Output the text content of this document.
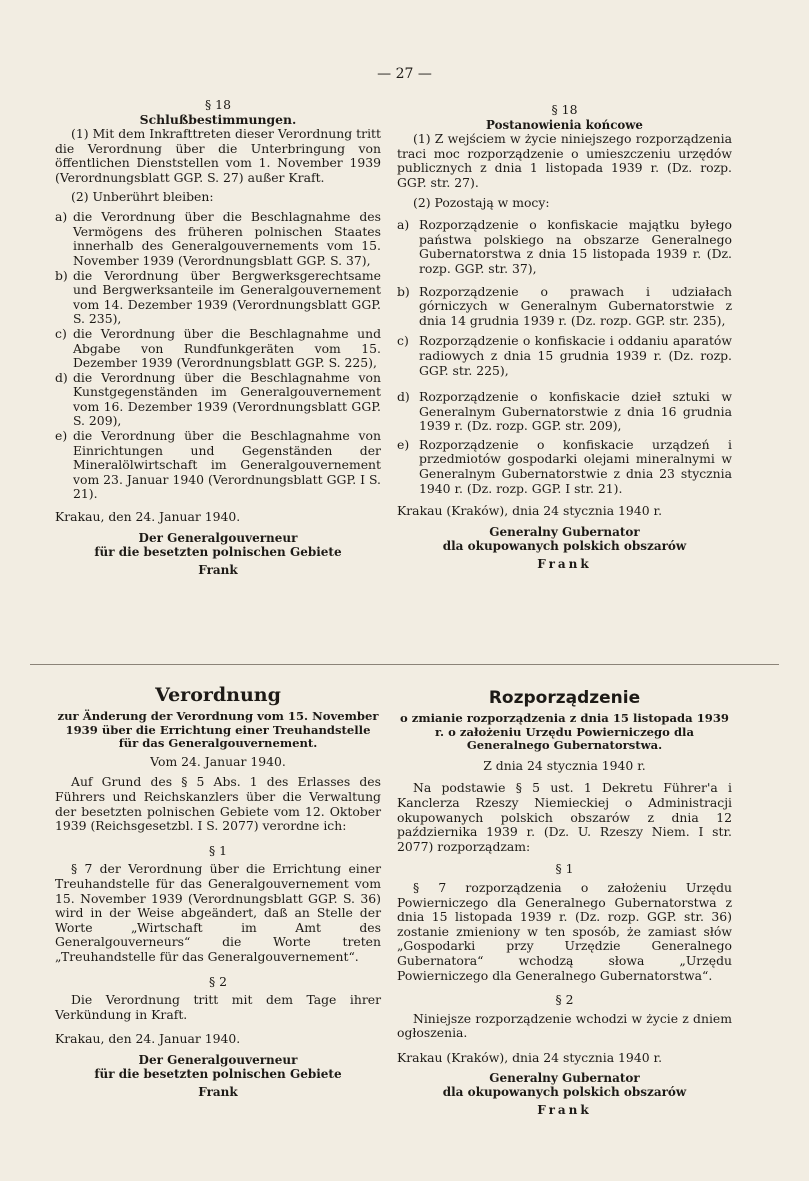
— 27 —

§ 18

Schlußbestimmungen.

(1) Mit dem Inkrafttreten dieser Verordnung tritt die Verordnung über die Unterbringung von öffentlichen Dienststellen vom 1. November 1939 (Verordnungsblatt GGP. S. 27) außer Kraft.

(2) Unberührt bleiben:

a) die Verordnung über die Beschlagnahme des Vermögens des früheren polnischen Staates innerhalb des Generalgouvernements vom 15. November 1939 (Verordnungsblatt GGP. S. 37),
b) die Verordnung über Bergwerksgerechtsame und Bergwerksanteile im Generalgouvernement vom 14. Dezember 1939 (Verordnungsblatt GGP. S. 235),
c) die Verordnung über die Beschlagnahme und Abgabe von Rundfunkgeräten vom 15. Dezember 1939 (Verordnungsblatt GGP. S. 225),
d) die Verordnung über die Beschlagnahme von Kunstgegenständen im Generalgouvernement vom 16. Dezember 1939 (Verordnungsblatt GGP. S. 209),
e) die Verordnung über die Beschlagnahme von Einrichtungen und Gegenständen der Mineralölwirtschaft im Generalgouvernement vom 23. Januar 1940 (Verordnungsblatt GGP. I S. 21).

Krakau, den 24. Januar 1940.

Der Generalgouverneur

für die besetzten polnischen Gebiete

Frank

§ 18

Postanowienia końcowe

(1) Z wejściem w życie niniejszego rozporządzenia traci moc rozporządzenie o umieszczeniu urzędów publicznych z dnia 1 listopada 1939 r. (Dz. rozp. GGP. str. 27).

(2) Pozostają w mocy:

a) Rozporządzenie o konfiskacie majątku byłego państwa polskiego na obszarze Generalnego Gubernatorstwa z dnia 15 listopada 1939 r. (Dz. rozp. GGP. str. 37),
b) Rozporządzenie o prawach i udziałach górniczych w Generalnym Gubernatorstwie z dnia 14 grudnia 1939 r. (Dz. rozp. GGP. str. 235),
c) Rozporządzenie o konfiskacie i oddaniu aparatów radiowych z dnia 15 grudnia 1939 r. (Dz. rozp. GGP. str. 225),
d) Rozporządzenie o konfiskacie dzieł sztuki w Generalnym Gubernatorstwie z dnia 16 grudnia 1939 r. (Dz. rozp. GGP. str. 209),
e) Rozporządzenie o konfiskacie urządzeń i przedmiotów gospodarki olejami mineralnymi w Generalnym Gubernatorstwie z dnia 23 stycznia 1940 r. (Dz. rozp. GGP. I str. 21).

Krakau (Kraków), dnia 24 stycznia 1940 r.

Generalny Gubernator

dla okupowanych polskich obszarów

Frank

Verordnung

zur Änderung der Verordnung vom 15. November 1939 über die Errichtung einer Treuhandstelle für das Generalgouvernement.

Vom 24. Januar 1940.

Auf Grund des § 5 Abs. 1 des Erlasses des Führers und Reichskanzlers über die Verwaltung der besetzten polnischen Gebiete vom 12. Oktober 1939 (Reichsgesetzbl. I S. 2077) verordne ich:

§ 1

§ 7 der Verordnung über die Errichtung einer Treuhandstelle für das Generalgouvernement vom 15. November 1939 (Verordnungsblatt GGP. S. 36) wird in der Weise abgeändert, daß an Stelle der Worte „Wirtschaft im Amt des Generalgouverneurs“ die Worte treten „Treuhandstelle für das Generalgouvernement“.

§ 2

Die Verordnung tritt mit dem Tage ihrer Verkündung in Kraft.

Krakau, den 24. Januar 1940.

Der Generalgouverneur

für die besetzten polnischen Gebiete

Frank

Rozporządzenie

o zmianie rozporządzenia z dnia 15 listopada 1939 r. o założeniu Urzędu Powierniczego dla Generalnego Gubernatorstwa.

Z dnia 24 stycznia 1940 r.

Na podstawie § 5 ust. 1 Dekretu Führer'a i Kanclerza Rzeszy Niemieckiej o Administracji okupowanych polskich obszarów z dnia 12 października 1939 r. (Dz. U. Rzeszy Niem. I str. 2077) rozporządzam:

§ 1

§ 7 rozporządzenia o założeniu Urzędu Powierniczego dla Generalnego Gubernatorstwa z dnia 15 listopada 1939 r. (Dz. rozp. GGP. str. 36) zostanie zmieniony w ten sposób, że zamiast słów „Gospodarki przy Urzędzie Generalnego Gubernatora“ wchodzą słowa „Urzędu Powierniczego dla Generalnego Gubernatorstwa“.

§ 2

Niniejsze rozporządzenie wchodzi w życie z dniem ogłoszenia.

Krakau (Kraków), dnia 24 stycznia 1940 r.

Generalny Gubernator

dla okupowanych polskich obszarów

Frank
